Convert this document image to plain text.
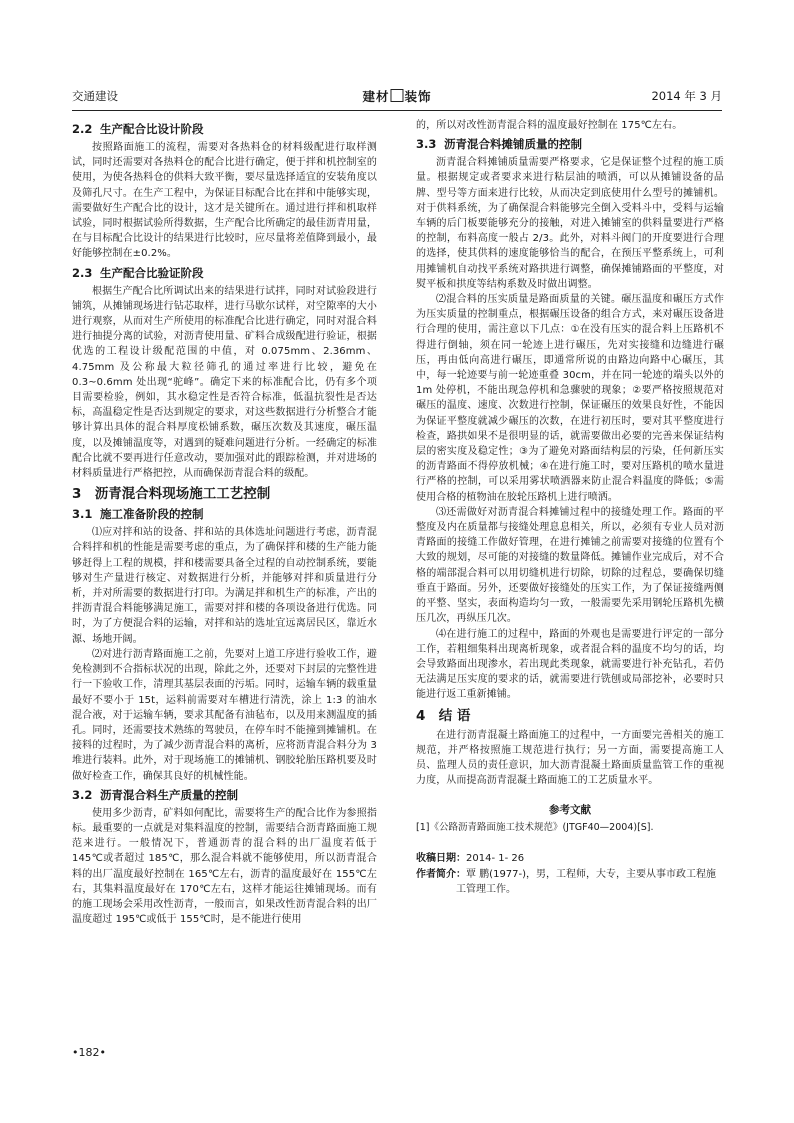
交通建设	建材 装饰	2014 年 3 月
2.2 生产配合比设计阶段

按照路面施工的流程，需要对各热料仓的材料级配进行取样测试，同时还需要对各热料仓的配合比进行确定，便于拌和机控制室的使用，为使各热料仓的供料大致平衡，要尽量选择适宜的安装角度以及筛孔尺寸。在生产工程中，为保证目标配合比在拌和中能够实现，需要做好生产配合比的设计，这才是关键所在。通过进行拌和机取样试验，同时根据试验所得数据，生产配合比所确定的最佳沥青用量，在与目标配合比设计的结果进行比较时，应尽量将差值降到最小，最好能够控制在±0.2%。

2.3 生产配合比验证阶段

根据生产配合比所调试出来的结果进行试拌，同时对试验段进行铺筑，从摊铺现场进行钻芯取样，进行马歇尔试样，对空隙率的大小进行观察，从而对生产所使用的标准配合比进行确定，同时对混合料进行抽提分离的试验，对沥青使用量、矿料合成级配进行验证，根据优选的工程设计级配范围的中值，对 0.075mm、2.36mm、4.75mm 及公称最大粒径筛孔的通过率进行比较，避免在 0.3~0.6mm 处出现“驼峰”。确定下来的标准配合比，仍有多个项目需要检验，例如，其水稳定性是否符合标准，低温抗裂性是否达标，高温稳定性是否达到规定的要求，对这些数据进行分析整合才能够计算出具体的混合料厚度松铺系数，碾压次数及其速度，碾压温度，以及摊铺温度等，对遇到的疑难问题进行分析。一经确定的标准配合比就不要再进行任意改动，要加强对此的跟踪检测，并对进场的材料质量进行严格把控，从而确保沥青混合料的级配。

3 沥青混合料现场施工工艺控制
3.1 施工准备阶段的控制

⑴应对拌和站的设备、拌和站的具体选址问题进行考虑，沥青混合料拌和机的性能是需要考虑的重点，为了确保拌和楼的生产能力能够赶得上工程的规模，拌和楼需要具备全过程的自动控制系统，要能够对生产量进行核定、对数据进行分析，并能够对拌和质量进行分析，并对所需要的数据进行打印。为满足拌和机生产的标准，产出的拌沥青混合料能够满足施工，需要对拌和楼的各项设备进行优选。同时，为了方便混合料的运输，对拌和站的选址宜远离居民区，靠近水源、场地开阔。

⑵对进行沥青路面施工之前，先要对上道工序进行验收工作，避免检测到不合指标状况的出现，除此之外，还要对下封层的完整性进行一下验收工作，清理其基层表面的污垢。同时，运输车辆的载重量最好不要小于 15t，运料前需要对车槽进行清洗，涂上 1:3 的油水混合液，对于运输车辆，要求其配备有油毡布，以及用来测温度的插孔。同时，还需要技术熟练的驾驶员，在停车时不能撞到摊铺机。在接料的过程时，为了减少沥青混合料的离析，应将沥青混合料分为 3 堆进行装料。此外，对于现场施工的摊铺机、钢胶轮胎压路机要及时做好检查工作，确保其良好的机械性能。

3.2 沥青混合料生产质量的控制

使用多少沥青，矿料如何配比，需要将生产的配合比作为参照指标。最重要的一点就是对集料温度的控制，需要结合沥青路面施工规范来进行。一般情况下，普通沥青的混合料的出厂温度若低于 145℃或者超过 185℃，那么混合料就不能够使用，所以沥青混合料的出厂温度最好控制在 165℃左右，沥青的温度最好在 155℃左右，其集料温度最好在 170℃左右，这样才能运往摊铺现场。而有的施工现场会采用改性沥青，一般而言，如果改性沥青混合料的出厂温度超过 195℃或低于 155℃时，是不能进行使用

的，所以对改性沥青混合料的温度最好控制在 175℃左右。

3.3 沥青混合料摊铺质量的控制

沥青混合料摊铺质量需要严格要求，它是保证整个过程的施工质量。根据规定或者要求来进行粘层油的喷洒，可以从摊铺设备的品牌、型号等方面来进行比较，从而决定到底使用什么型号的摊铺机。对于供料系统，为了确保混合料能够完全倒入受料斗中，受料与运输车辆的后门板要能够充分的接触，对进入摊铺室的供料量要进行严格的控制，布料高度一般占 2/3。此外，对料斗阀门的开度要进行合理的选择，使其供料的速度能够恰当的配合，在预压平整系统上，可利用摊铺机自动找平系统对路拱进行调整，确保摊铺路面的平整度，对熨平板和拱度等结构系数及时做出调整。

⑵混合料的压实质量是路面质量的关键。碾压温度和碾压方式作为压实质量的控制重点，根据碾压设备的组合方式，来对碾压设备进行合理的使用，需注意以下几点：①在没有压实的混合料上压路机不得进行倒轴，须在同一轮迹上进行碾压，先对实接缝和边缝进行碾压，再由低向高进行碾压，即通常所说的由路边向路中心碾压，其中，每一轮迹要与前一轮迹重叠 30cm，并在同一轮迹的端头以外的 1m 处停机，不能出现急停机和急骤驶的现象；②要严格按照规范对碾压的温度、速度、次数进行控制，保证碾压的效果良好性，不能因为保证平整度就减少碾压的次数，在进行初压时，要对其平整度进行检查，路拱如果不是很明显的话，就需要做出必要的完善来保证结构层的密实度及稳定性；③为了避免对路面结构层的污染，任何新压实的沥青路面不得停放机械；④在进行施工时，要对压路机的喷水量进行严格的控制，可以采用雾状喷洒器来防止混合料温度的降低；⑤需使用合格的植物油在胶轮压路机上进行喷洒。

⑶还需做好对沥青混合料摊铺过程中的接缝处理工作。路面的平整度及内在质量都与接缝处理息息相关，所以，必须有专业人员对沥青路面的接缝工作做好管理，在进行摊铺之前需要对接缝的位置有个大致的规划，尽可能的对接缝的数量降低。摊铺作业完成后，对不合格的端部混合料可以用切缝机进行切除，切除的过程总，要确保切缝垂直于路面。另外，还要做好接缝处的压实工作，为了保证接缝两侧的平整、坚实，表面构造均匀一致，一般需要先采用钢轮压路机先横压几次，再纵压几次。

⑷在进行施工的过程中，路面的外观也是需要进行评定的一部分工作，若粗细集料出现离析现象，或者混合料的温度不均匀的话，均会导致路面出现渗水，若出现此类现象，就需要进行补充钻孔，若仍无法满足压实度的要求的话，就需要进行铣刨或局部挖补，必要时只能进行返工重新摊铺。

4 结 语

在进行沥青混凝土路面施工的过程中，一方面要完善相关的施工规范，并严格按照施工规范进行执行；另一方面，需要提高施工人员、监理人员的责任意识，加大沥青混凝土路面质量监管工作的重视力度，从而提高沥青混凝土路面施工的工艺质量水平。

参考文献
[1]《公路沥青路面施工技术规范》(JTGF40—2004)[S].
收稿日期：2014- 1- 26
作者简介：覃 鹏(1977-)，男，工程师，大专，主要从事市政工程施工管理工作。
•182•
